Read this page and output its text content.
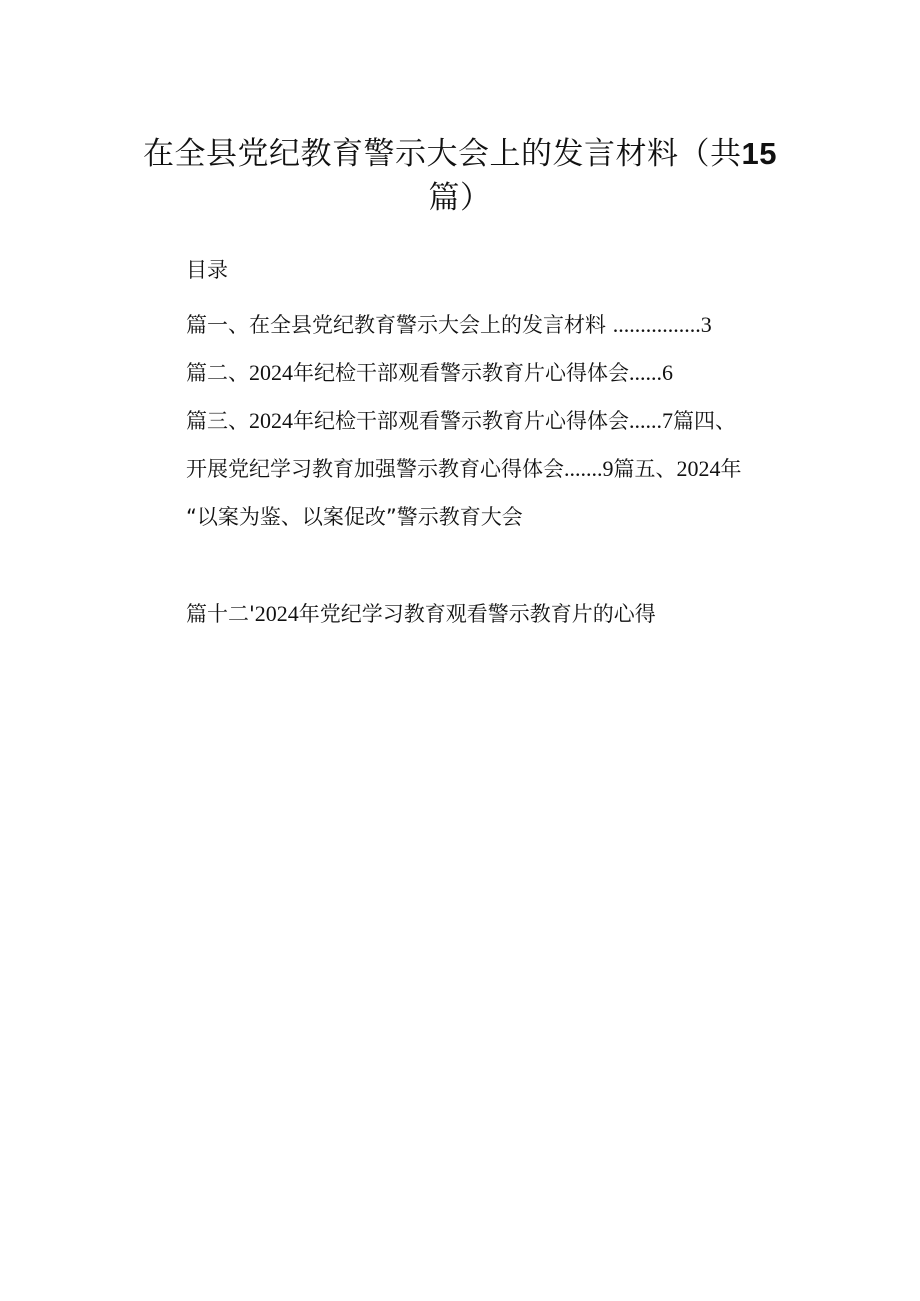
在全县党纪教育警示大会上的发言材料（共15
篇）
目录
篇一、在全县党纪教育警示大会上的发言材料 ................3
篇二、2024年纪检干部观看警示教育片心得体会......6
篇三、2024年纪检干部观看警示教育片心得体会......7篇四、
开展党纪学习教育加强警示教育心得体会.......9篇五、2024年
“以案为鉴、以案促改”警示教育大会
篇十二'2024年党纪学习教育观看警示教育片的心得
